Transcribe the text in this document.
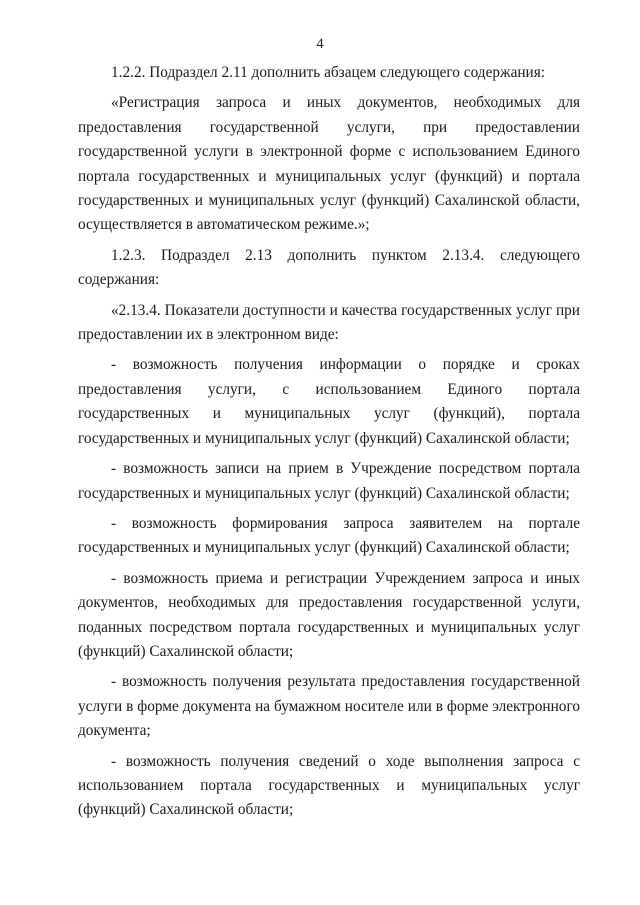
4

1.2.2. Подраздел 2.11 дополнить абзацем следующего содержания:

«Регистрация запроса и иных документов, необходимых для предоставления государственной услуги, при предоставлении государственной услуги в электронной форме с использованием Единого портала государственных и муниципальных услуг (функций) и портала государственных и муниципальных услуг (функций) Сахалинской области, осуществляется в автоматическом режиме.»;

1.2.3. Подраздел 2.13 дополнить пунктом 2.13.4. следующего содержания:

«2.13.4. Показатели доступности и качества государственных услуг при предоставлении их в электронном виде:

- возможность получения информации о порядке и сроках предоставления услуги, с использованием Единого портала государственных и муниципальных услуг (функций), портала государственных и муниципальных услуг (функций) Сахалинской области;

- возможность записи на прием в Учреждение посредством портала государственных и муниципальных услуг (функций) Сахалинской области;

- возможность формирования запроса заявителем на портале государственных и муниципальных услуг (функций) Сахалинской области;

- возможность приема и регистрации Учреждением запроса и иных документов, необходимых для предоставления государственной услуги, поданных посредством портала государственных и муниципальных услуг (функций) Сахалинской области;

- возможность получения результата предоставления государственной услуги в форме документа на бумажном носителе или в форме электронного документа;

- возможность получения сведений о ходе выполнения запроса с использованием портала государственных и муниципальных услуг (функций) Сахалинской области;
